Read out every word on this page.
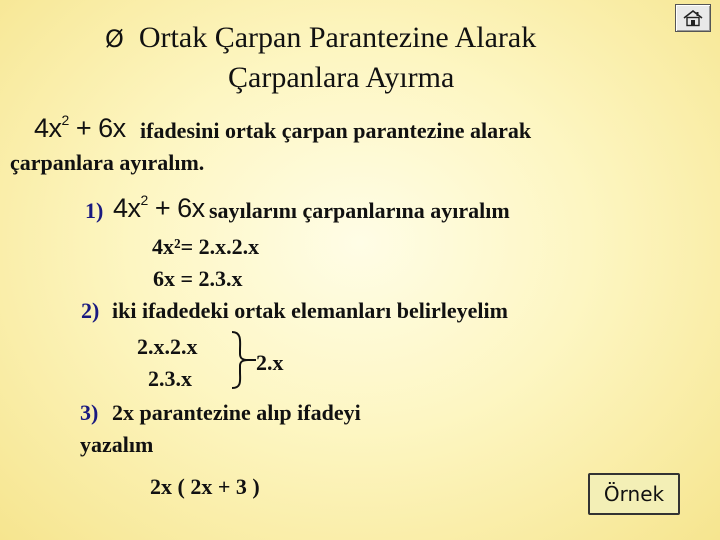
Ø Ortak Çarpan Parantezine Alarak
Çarpanlara Ayırma
$4x^2 + 6x$ ifadesini ortak çarpan parantezine alarak
çarpanlara ayıralım.
1) $4x^2 + 6x$ sayılarını çarpanlarına ayıralım
4x²= 2.x.2.x
6x = 2.3.x
2) iki ifadedeki ortak elemanları belirleyelim
2.x.2.x
2.3.x
2.x
3) 2x parantezine alıp ifadeyi
yazalım
2x ( 2x + 3 )	Örnek
